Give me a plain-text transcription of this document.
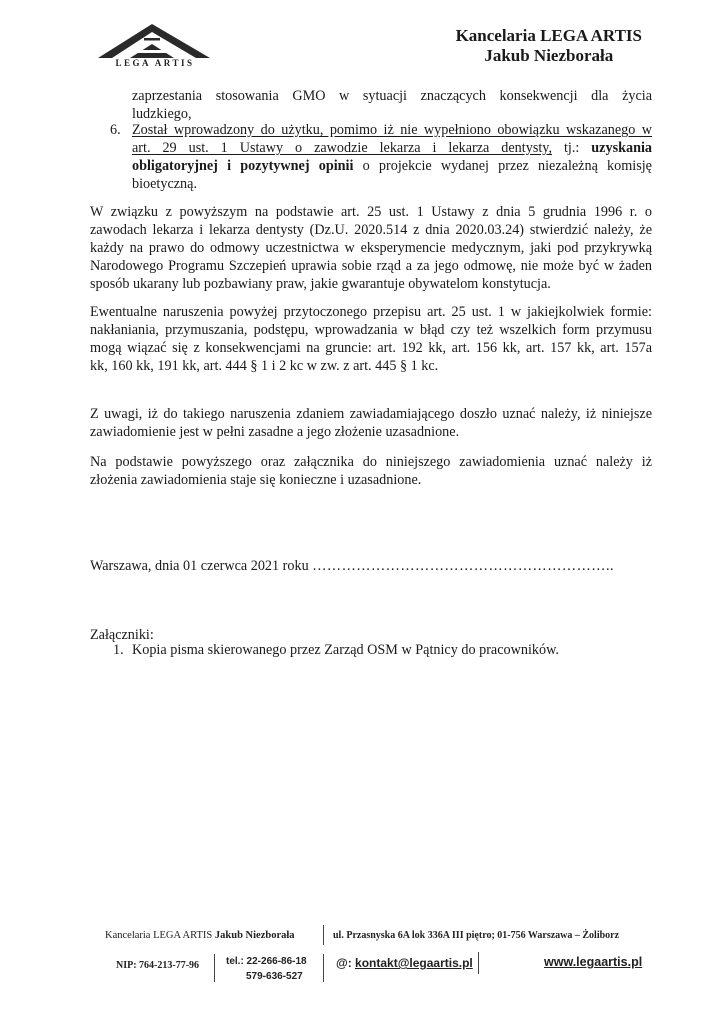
LEGA ARTIS
Kancelaria LEGA ARTIS
Jakub Niezborała
zaprzestania stosowania GMO w sytuacji znaczących konsekwencji dla życia
ludzkiego,
6. Został wprowadzony do użytku, pomimo iż nie wypełniono obowiązku wskazanego w
art. 29 ust. 1 Ustawy o zawodzie lekarza i lekarza dentysty, tj.: uzyskania
obligatoryjnej i pozytywnej opinii o projekcie wydanej przez niezależną komisję
bioetyczną.
W związku z powyższym na podstawie art. 25 ust. 1 Ustawy z dnia 5 grudnia 1996 r. o
zawodach lekarza i lekarza dentysty (Dz.U. 2020.514 z dnia 2020.03.24) stwierdzić należy, że
każdy na prawo do odmowy uczestnictwa w eksperymencie medycznym, jaki pod przykrywką
Narodowego Programu Szczepień uprawia sobie rząd a za jego odmowę, nie może być w żaden
sposób ukarany lub pozbawiany praw, jakie gwarantuje obywatelom konstytucja.
Ewentualne naruszenia powyżej przytoczonego przepisu art. 25 ust. 1 w jakiejkolwiek formie:
nakłaniania, przymuszania, podstępu, wprowadzania w błąd czy też wszelkich form przymusu
mogą wiązać się z konsekwencjami na gruncie: art. 192 kk, art. 156 kk, art. 157 kk, art. 157a
kk, 160 kk, 191 kk, art. 444 § 1 i 2 kc w zw. z art. 445 § 1 kc.
Z uwagi, iż do takiego naruszenia zdaniem zawiadamiającego doszło uznać należy, iż niniejsze
zawiadomienie jest w pełni zasadne a jego złożenie uzasadnione.
Na podstawie powyższego oraz załącznika do niniejszego zawiadomienia uznać należy iż
złożenia zawiadomienia staje się konieczne i uzasadnione.
Warszawa, dnia 01 czerwca 2021 roku ……………………………………………………..
Załączniki:
1. Kopia pisma skierowanego przez Zarząd OSM w Pątnicy do pracowników.
Kancelaria LEGA ARTIS Jakub Niezborała	ul. Przasnyska 6A lok 336A III piętro; 01-756 Warszawa – Żoliborz
NIP: 764-213-77-96	tel.: 22-266-86-18
579-636-527
@: kontakt@legaartis.pl	www.legaartis.pl
